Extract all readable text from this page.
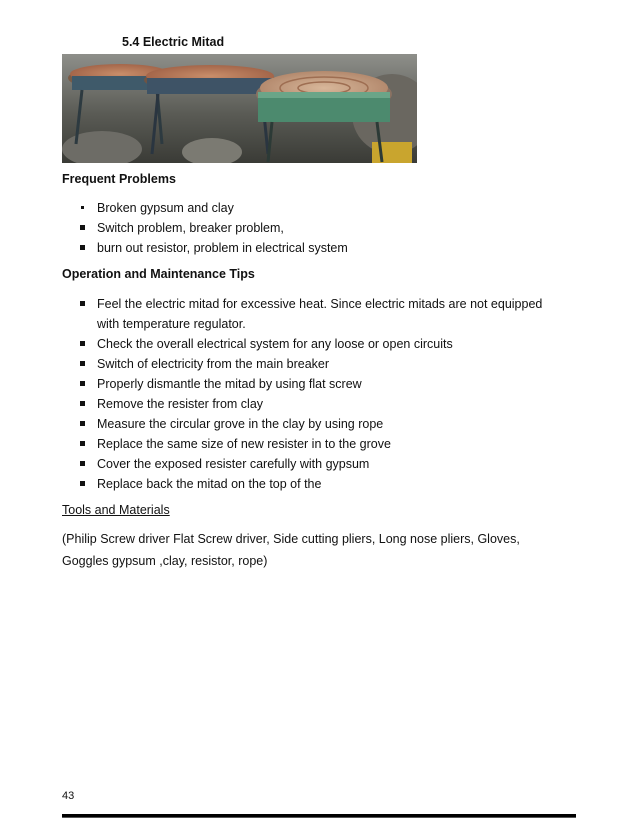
5.4 Electric Mitad
Frequent Problems
Broken gypsum and clay
Switch problem, breaker problem,
burn out resistor, problem in electrical system
Operation and Maintenance Tips
Feel the electric mitad for excessive heat. Since electric mitads are not equipped with temperature regulator.
Check the overall electrical system for any loose or open circuits
Switch of electricity from the main breaker
Properly dismantle the mitad by using flat screw
Remove the resister from clay
Measure the circular grove in the clay by using rope
Replace the same size of new resister in to the grove
Cover the exposed resister carefully with gypsum
Replace back the mitad on the top of the
Tools and Materials
(Philip Screw driver Flat Screw driver, Side cutting pliers, Long nose pliers, Gloves, Goggles gypsum ,clay, resistor, rope)
43
